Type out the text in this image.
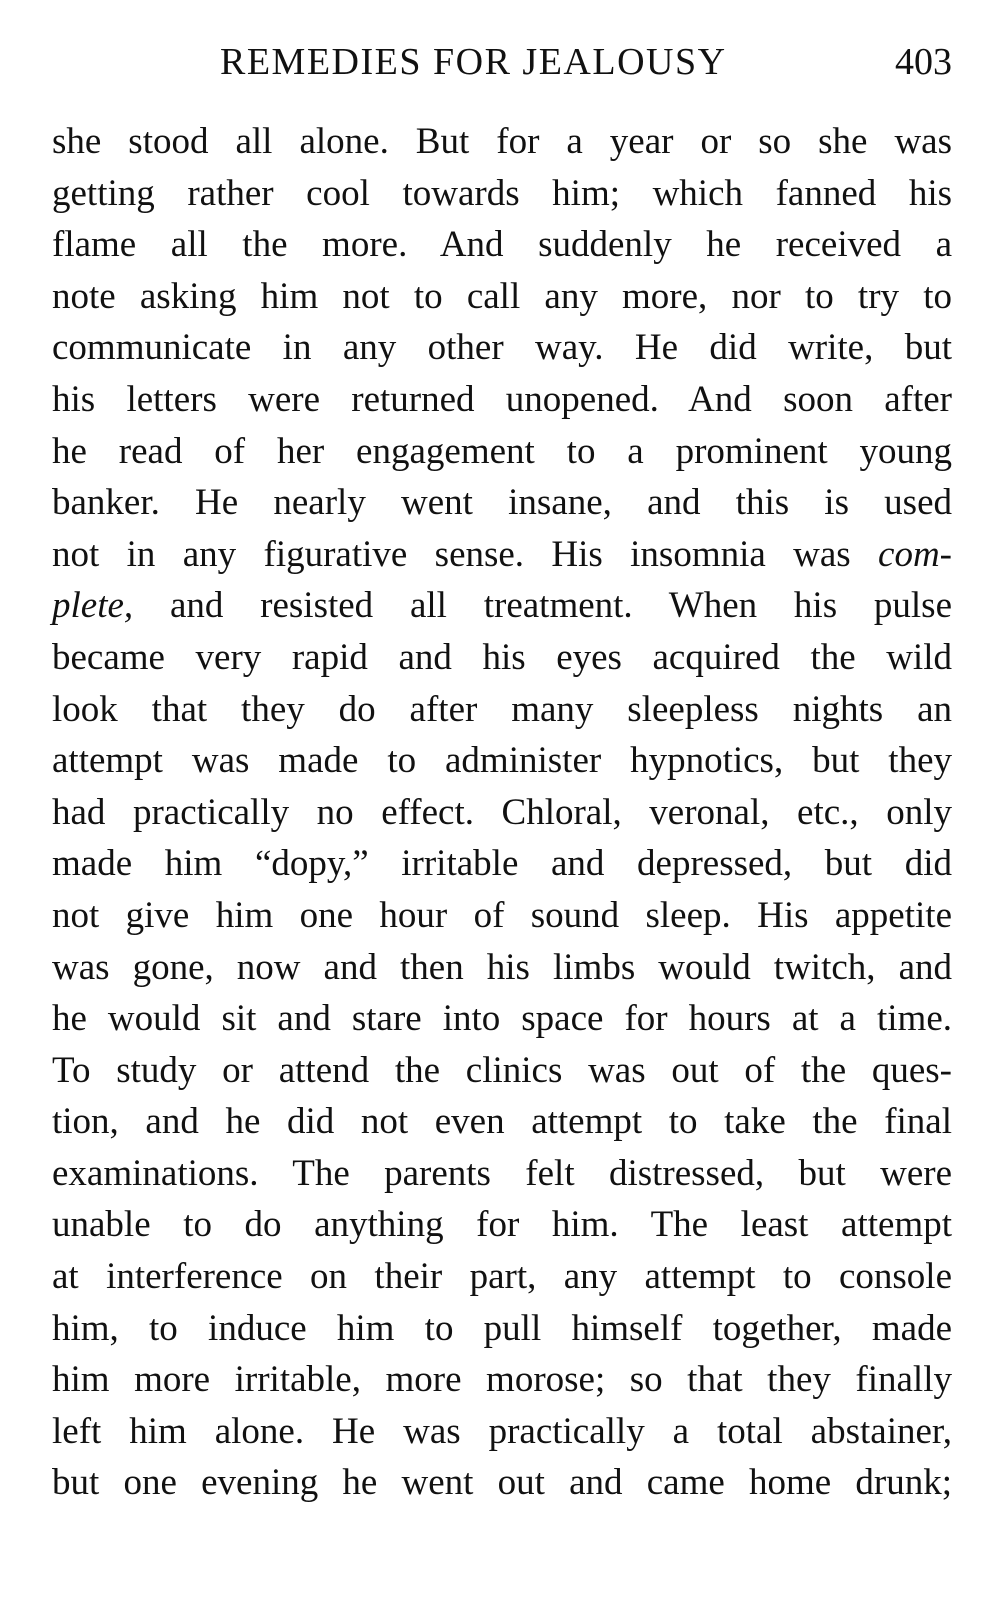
REMEDIES FOR JEALOUSY	403
she stood all alone. But for a year or so she was
getting rather cool towards him; which fanned his
flame all the more. And suddenly he received a
note asking him not to call any more, nor to try to
communicate in any other way. He did write, but
his letters were returned unopened. And soon after
he read of her engagement to a prominent young
banker. He nearly went insane, and this is used
not in any figurative sense. His insomnia was com-
plete, and resisted all treatment. When his pulse
became very rapid and his eyes acquired the wild
look that they do after many sleepless nights an
attempt was made to administer hypnotics, but they
had practically no effect. Chloral, veronal, etc., only
made him “dopy,” irritable and depressed, but did
not give him one hour of sound sleep. His appetite
was gone, now and then his limbs would twitch, and
he would sit and stare into space for hours at a time.
To study or attend the clinics was out of the ques-
tion, and he did not even attempt to take the final
examinations. The parents felt distressed, but were
unable to do anything for him. The least attempt
at interference on their part, any attempt to console
him, to induce him to pull himself together, made
him more irritable, more morose; so that they finally
left him alone. He was practically a total abstainer,
but one evening he went out and came home drunk;
